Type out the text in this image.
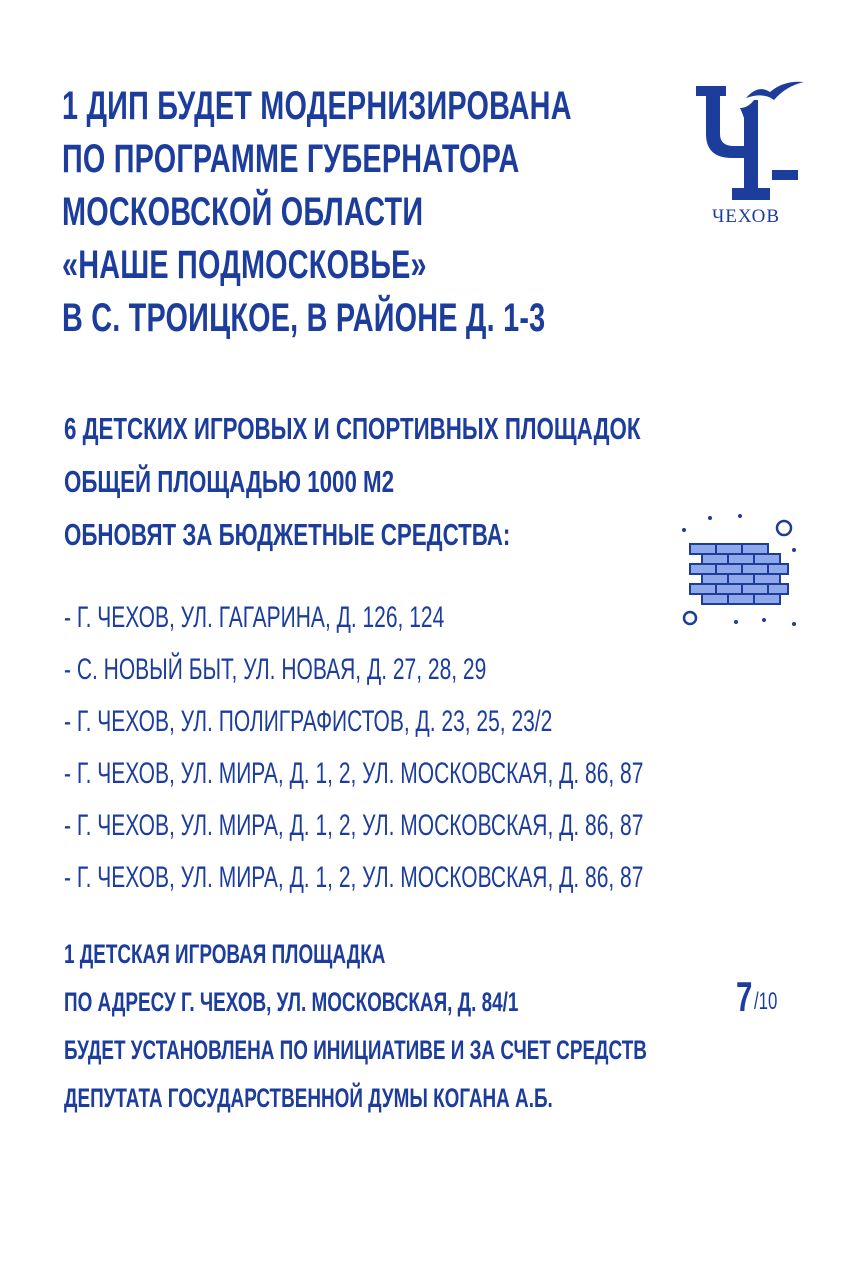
1 ДИП БУДЕТ МОДЕРНИЗИРОВАНА
ПО ПРОГРАММЕ ГУБЕРНАТОРА
МОСКОВСКОЙ ОБЛАСТИ
«НАШЕ ПОДМОСКОВЬЕ»
В С. ТРОИЦКОЕ, В РАЙОНЕ Д. 1-3
ЧЕХОВ
6 ДЕТСКИХ ИГРОВЫХ И СПОРТИВНЫХ ПЛОЩАДОК
ОБЩЕЙ ПЛОЩАДЬЮ 1000 М2
ОБНОВЯТ ЗА БЮДЖЕТНЫЕ СРЕДСТВА:
- Г. ЧЕХОВ, УЛ. ГАГАРИНА, Д. 126, 124
- С. НОВЫЙ БЫТ, УЛ. НОВАЯ, Д. 27, 28, 29
- Г. ЧЕХОВ, УЛ. ПОЛИГРАФИСТОВ, Д. 23, 25, 23/2
- Г. ЧЕХОВ, УЛ. МИРА, Д. 1, 2, УЛ. МОСКОВСКАЯ, Д. 86, 87
- Г. ЧЕХОВ, УЛ. МИРА, Д. 1, 2, УЛ. МОСКОВСКАЯ, Д. 86, 87
- Г. ЧЕХОВ, УЛ. МИРА, Д. 1, 2, УЛ. МОСКОВСКАЯ, Д. 86, 87
1 ДЕТСКАЯ ИГРОВАЯ ПЛОЩАДКА
ПО АДРЕСУ Г. ЧЕХОВ, УЛ. МОСКОВСКАЯ, Д. 84/1
БУДЕТ УСТАНОВЛЕНА ПО ИНИЦИАТИВЕ И ЗА СЧЕТ СРЕДСТВ
ДЕПУТАТА ГОСУДАРСТВЕННОЙ ДУМЫ КОГАНА А.Б.
7 /10
